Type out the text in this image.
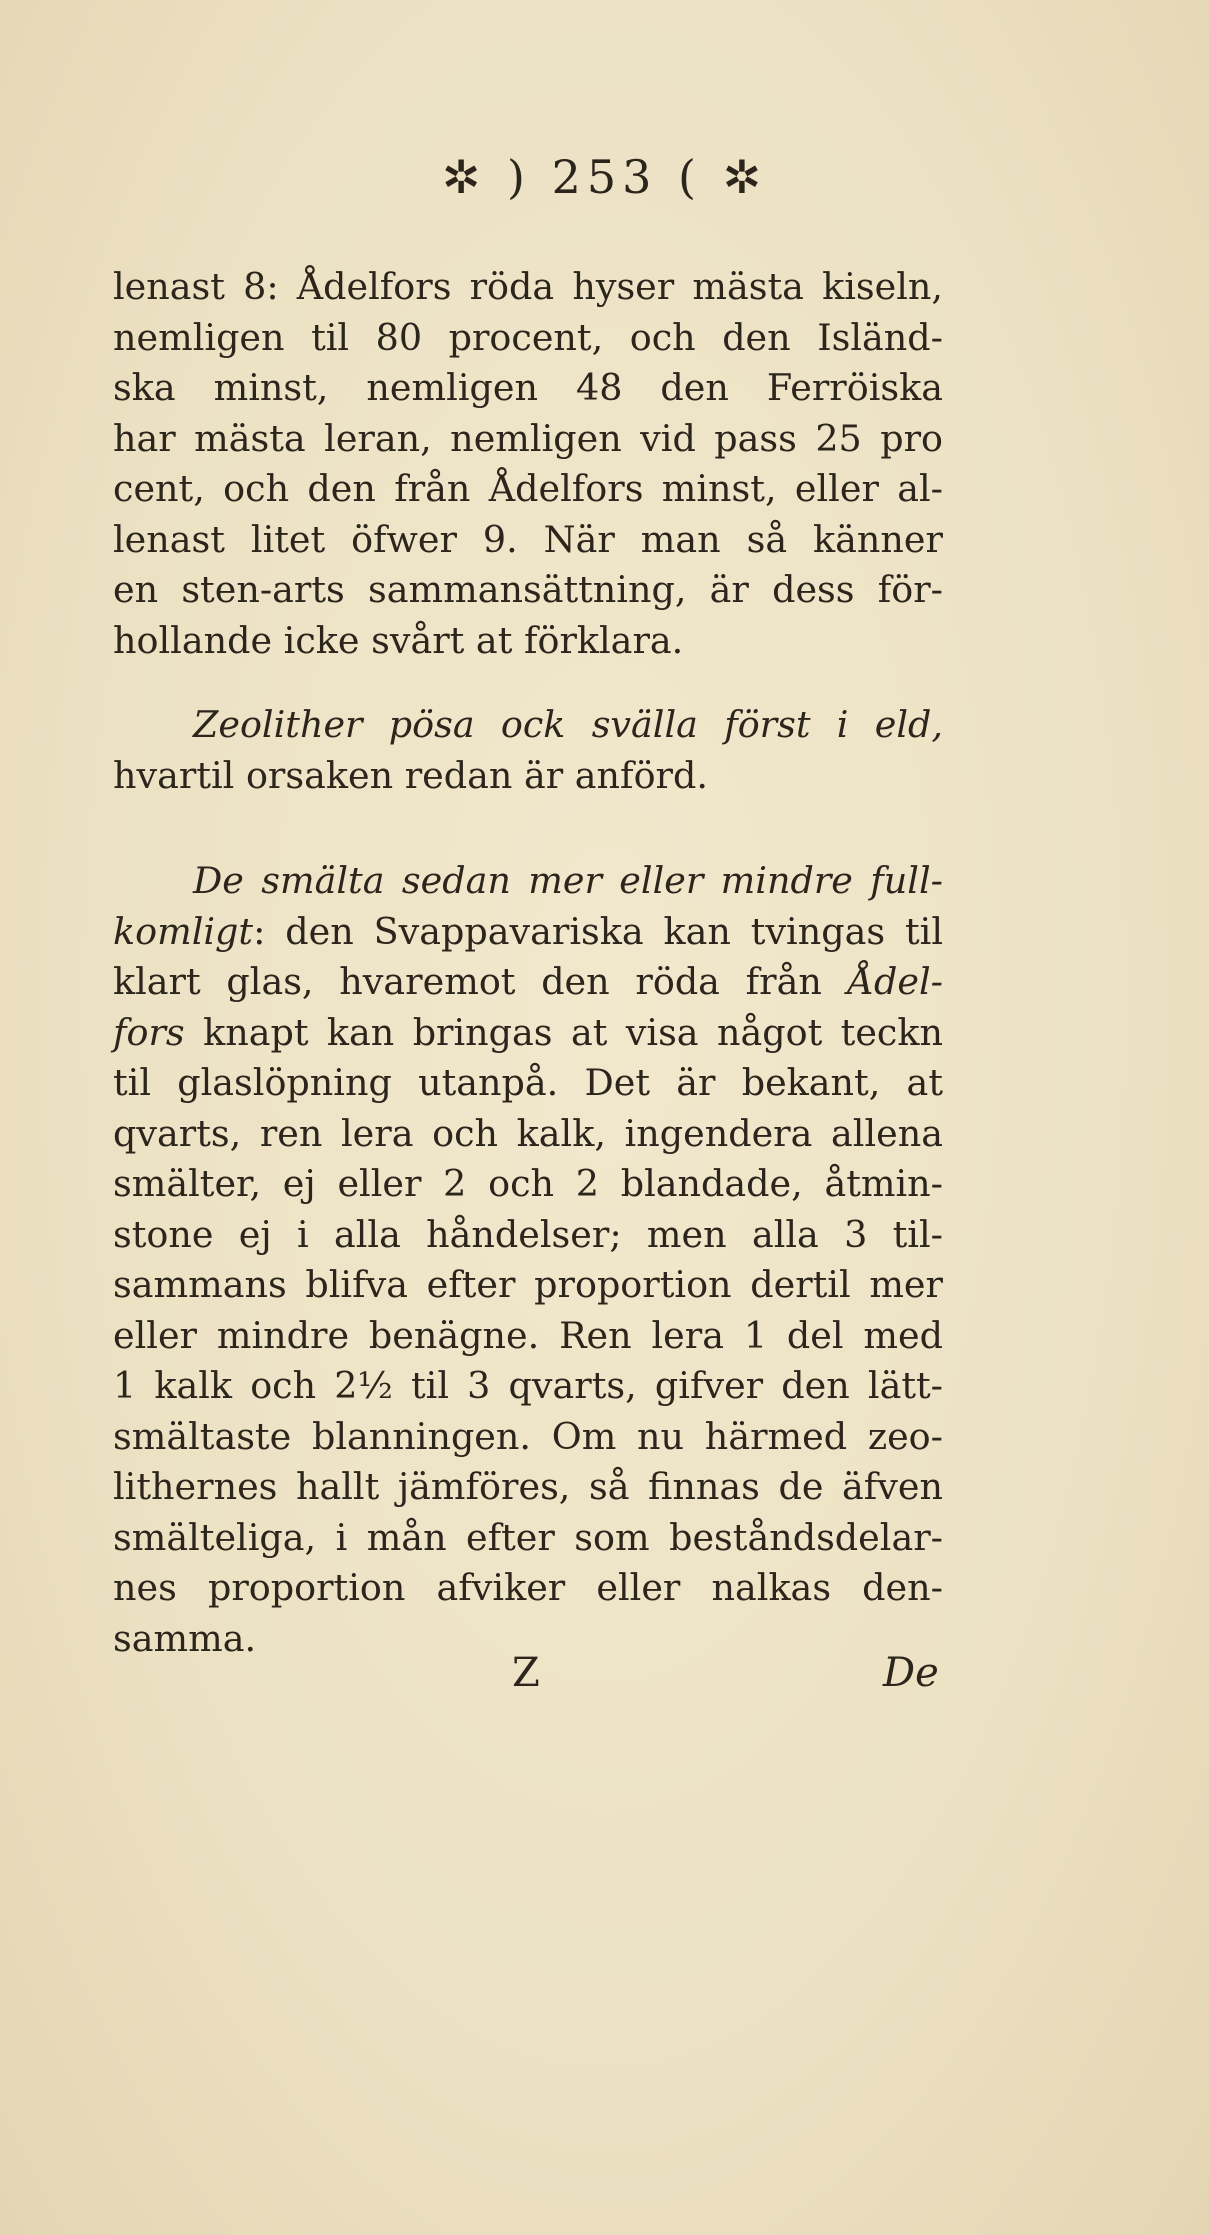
✲ ) 253 ( ✲
lenast 8: Ådelfors röda hyser mästa kiseln,
nemligen til 80 procent, och den Isländ-
ska minst, nemligen 48 den Ferröiska
har mästa leran, nemligen vid pass 25 pro
cent, och den från Ådelfors minst, eller al-
lenast litet öfwer 9. När man så känner
en sten-arts sammansättning, är dess för-
hollande icke svårt at förklara.
Zeolither pösa ock svälla först i eld,
hvartil orsaken redan är anförd.
De smälta sedan mer eller mindre full-
komligt: den Svappavariska kan tvingas til
klart glas, hvaremot den röda från Ådel-
fors knapt kan bringas at visa något teckn
til glaslöpning utanpå. Det är bekant, at
qvarts, ren lera och kalk, ingendera allena
smälter, ej eller 2 och 2 blandade, åtmin-
stone ej i alla håndelser; men alla 3 til-
sammans blifva efter proportion dertil mer
eller mindre benägne. Ren lera 1 del med
1 kalk och 2½ til 3 qvarts, gifver den lätt-
smältaste blanningen. Om nu härmed zeo-
lithernes hallt jämföres, så finnas de äfven
smälteliga, i mån efter som beståndsdelar-
nes proportion afviker eller nalkas den-
samma.
Z	De
